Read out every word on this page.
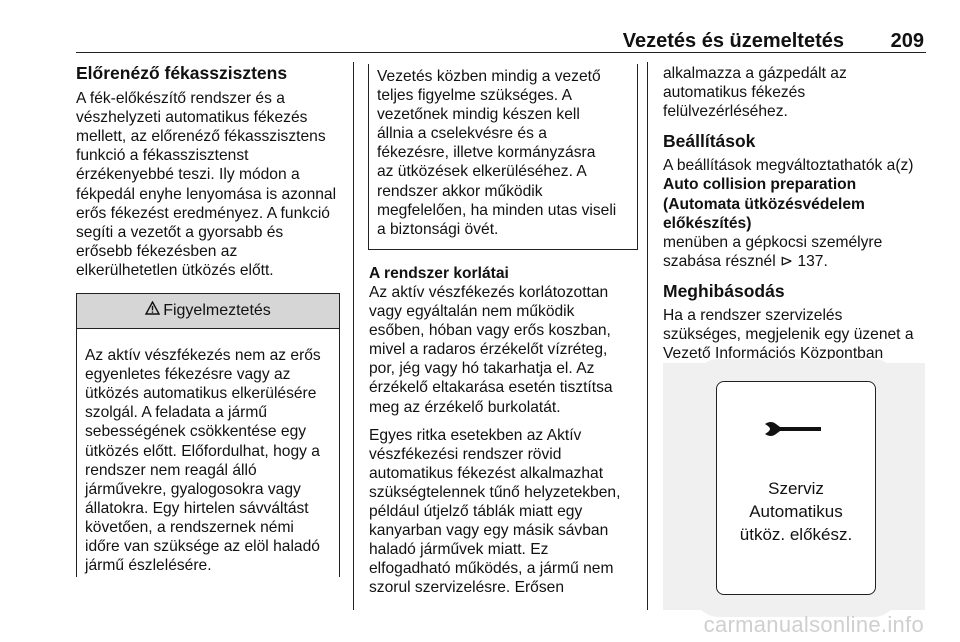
Vezetés és üzemeltetés 209

Előrenéző fékasszisztens

A fék-előkészítő rendszer és a
vészhelyzeti automatikus fékezés
mellett, az előrenéző fékasszisztens
funkció a fékasszisztenst
érzékenyebbé teszi. Ily módon a
fékpedál enyhe lenyomása is azonnal
erős fékezést eredményez. A funkció
segíti a vezetőt a gyorsabb és
erősebb fékezésben az
elkerülhetetlen ütközés előtt.

Figyelmeztetés
Az aktív vészfékezés nem az erős
egyenletes fékezésre vagy az
ütközés automatikus elkerülésére
szolgál. A feladata a jármű
sebességének csökkentése egy
ütközés előtt. Előfordulhat, hogy a
rendszer nem reagál álló
járművekre, gyalogosokra vagy
állatokra. Egy hirtelen sávváltást
követően, a rendszernek némi
időre van szüksége az elöl haladó
jármű észlelésére.
Vezetés közben mindig a vezető
teljes figyelme szükséges. A
vezetőnek mindig készen kell
állnia a cselekvésre és a
fékezésre, illetve kormányzásra
az ütközések elkerüléséhez. A
rendszer akkor működik
megfelelően, ha minden utas viseli
a biztonsági övét.

A rendszer korlátai

Az aktív vészfékezés korlátozottan
vagy egyáltalán nem működik
esőben, hóban vagy erős koszban,
mivel a radaros érzékelőt vízréteg,
por, jég vagy hó takarhatja el. Az
érzékelő eltakarása esetén tisztítsa
meg az érzékelő burkolatát.

Egyes ritka esetekben az Aktív
vészfékezési rendszer rövid
automatikus fékezést alkalmazhat
szükségtelennek tűnő helyzetekben,
például útjelző táblák miatt egy
kanyarban vagy egy másik sávban
haladó járművek miatt. Ez
elfogadható működés, a jármű nem
szorul szervizelésre. Erősen

alkalmazza a gázpedált az
automatikus fékezés
felülvezérléséhez.

Beállítások

A beállítások megváltoztathatók a(z)

Auto collision preparation (Automata ütközésvédelem előkészítés)

menüben a gépkocsi személyre
szabása résznél ⊳ 137.

Meghibásodás

Ha a rendszer szervizelés
szükséges, megjelenik egy üzenet a
Vezető Információs Központban

Szerviz
Automatikus
ütköz. előkész.
carmanualsonline.info
